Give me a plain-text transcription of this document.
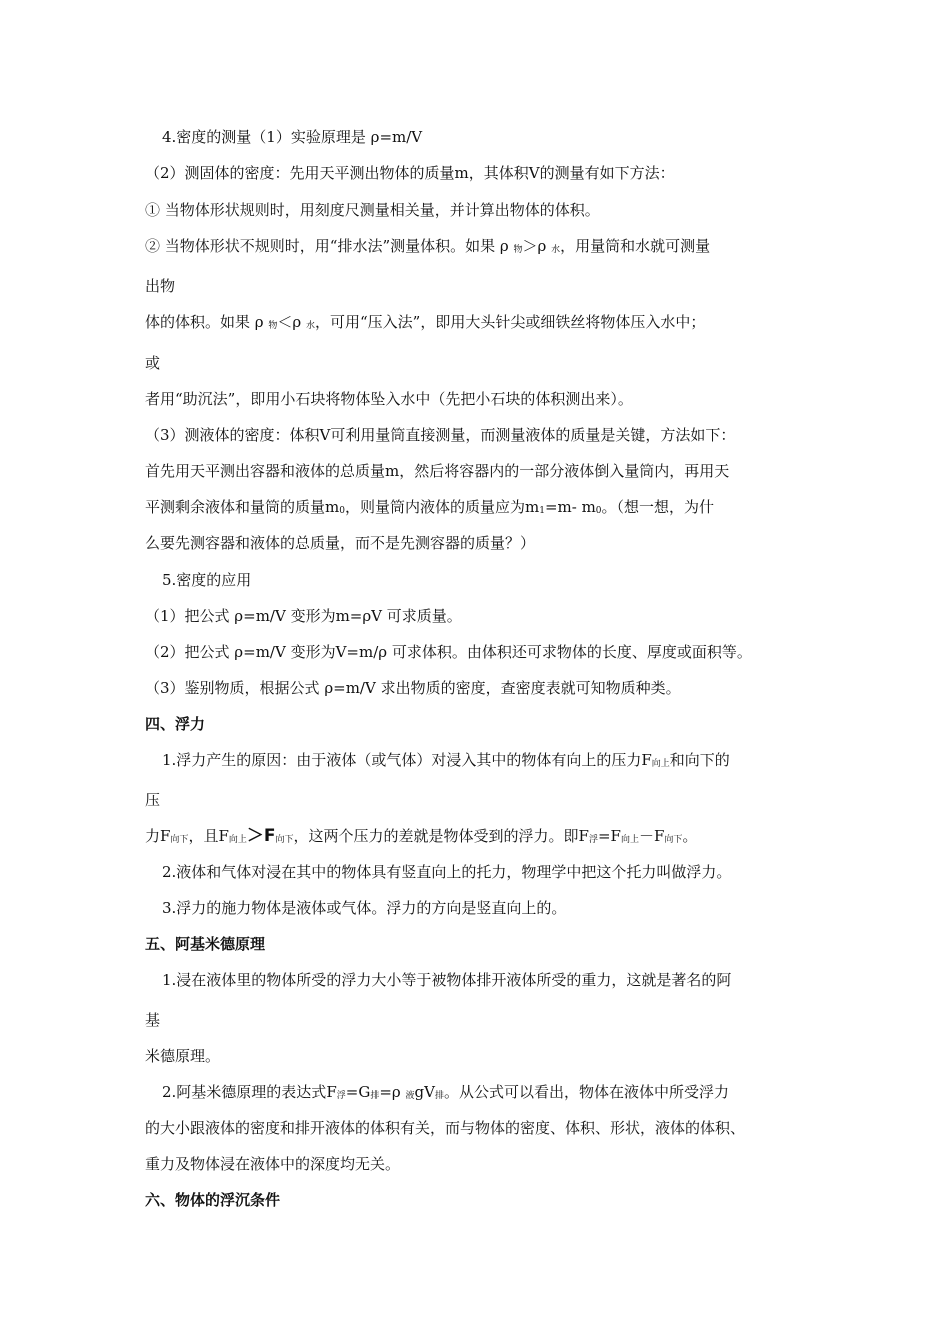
4.密度的测量（1）实验原理是 ρ=m/V
（2）测固体的密度：先用天平测出物体的质量m，其体积V的测量有如下方法：
① 当物体形状规则时，用刻度尺测量相关量，并计算出物体的体积。
② 当物体形状不规则时，用“排水法”测量体积。如果 ρ 物＞ρ 水，用量筒和水就可测量
出物
体的体积。如果 ρ 物＜ρ 水，可用“压入法”，即用大头针尖或细铁丝将物体压入水中；
或
者用“助沉法”，即用小石块将物体坠入水中（先把小石块的体积测出来）。
（3）测液体的密度：体积V可利用量筒直接测量，而测量液体的质量是关键，方法如下：
首先用天平测出容器和液体的总质量m，然后将容器内的一部分液体倒入量筒内，再用天
平测剩余液体和量筒的质量m0，则量筒内液体的质量应为m1=m- m0。（想一想，为什
么要先测容器和液体的总质量，而不是先测容器的质量？）
5.密度的应用
（1）把公式 ρ=m/V 变形为m=ρV 可求质量。
（2）把公式 ρ=m/V 变形为V=m/ρ 可求体积。由体积还可求物体的长度、厚度或面积等。
（3）鉴别物质，根据公式 ρ=m/V 求出物质的密度，查密度表就可知物质种类。
四、浮力
1.浮力产生的原因：由于液体（或气体）对浸入其中的物体有向上的压力F向上和向下的
压
力F向下，且F向上＞F向下，这两个压力的差就是物体受到的浮力。即F浮=F向上－F向下。
2.液体和气体对浸在其中的物体具有竖直向上的托力，物理学中把这个托力叫做浮力。
3.浮力的施力物体是液体或气体。浮力的方向是竖直向上的。
五、阿基米德原理
1.浸在液体里的物体所受的浮力大小等于被物体排开液体所受的重力，这就是著名的阿
基
米德原理。
2.阿基米德原理的表达式F浮=G排=ρ 液gV排。从公式可以看出，物体在液体中所受浮力
的大小跟液体的密度和排开液体的体积有关，而与物体的密度、体积、形状，液体的体积、
重力及物体浸在液体中的深度均无关。
六、物体的浮沉条件
